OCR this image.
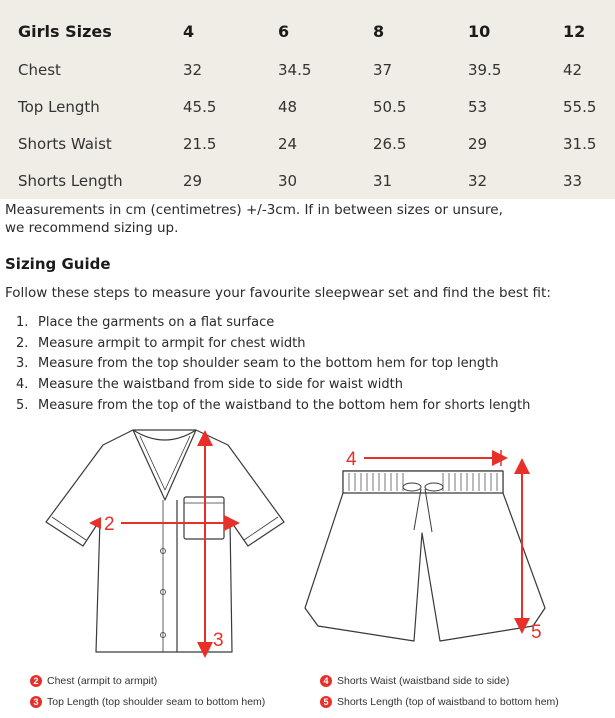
Girls Sizes	4	6	8	10	12
Chest	32	34.5	37	39.5	42
Top Length	45.5	48	50.5	53	55.5
Shorts Waist	21.5	24	26.5	29	31.5
Shorts Length	29	30	31	32	33

Measurements in cm (centimetres) +/-3cm. If in between sizes or unsure,
we recommend sizing up.

Sizing Guide

Follow these steps to measure your favourite sleepwear set and find the best fit:

1. Place the garments on a flat surface
2. Measure armpit to armpit for chest width
3. Measure from the top shoulder seam to the bottom hem for top length
4. Measure the waistband from side to side for waist width
5. Measure from the top of the waistband to the bottom hem for shorts length
2
3
4
5
2 Chest (armpit to armpit)
3 Top Length (top shoulder seam to bottom hem)
4 Shorts Waist (waistband side to side)
5 Shorts Length (top of waistband to bottom hem)
